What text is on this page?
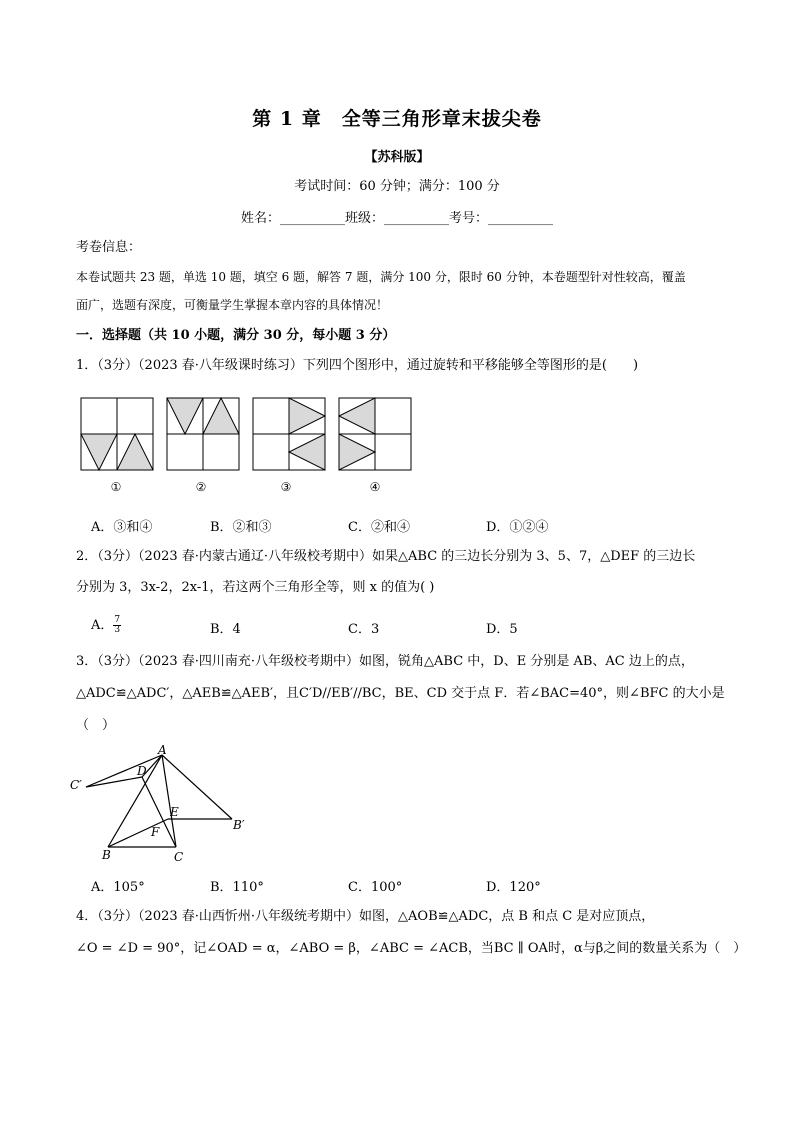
第 1 章　全等三角形章末拔尖卷
【苏科版】
考试时间：60 分钟；满分：100 分
姓名：__________班级：__________考号：__________
考卷信息：
本卷试题共 23 题，单选 10 题，填空 6 题，解答 7 题，满分 100 分，限时 60 分钟，本卷题型针对性较高，覆盖
面广，选题有深度，可衡量学生掌握本章内容的具体情况！
一．选择题（共 10 小题，满分 30 分，每小题 3 分）
1．（3分）（2023 春·八年级课时练习）下列四个图形中，通过旋转和平移能够全等图形的是(　　)
①	②	③	④
A．③和④	B．②和③	C．②和④	D．①②④
2．（3分）（2023 春·内蒙古通辽·八年级校考期中）如果△ABC 的三边长分别为 3、5、7，△DEF 的三边长
分别为 3，3x-2，2x-1，若这两个三角形全等，则 x 的值为( )
A． $\frac{7}{3}$	B．4	C．3	D．5
3．（3分）（2023 春·四川南充·八年级校考期中）如图，锐角△ABC 中，D、E 分别是 AB、AC 边上的点，
△ADC≌△ADC′，△AEB≌△AEB′，且C′D//EB′//BC，BE、CD 交于点 F．若∠BAC=40°，则∠BFC 的大小是
（　）
A
C′
D
E
B′
F
B	C
A．105°	B．110°	C．100°	D．120°
4．（3分）（2023 春·山西忻州·八年级统考期中）如图，△AOB≌△ADC，点 B 和点 C 是对应顶点，
∠O = ∠D = 90°，记∠OAD = α，∠ABO = β，∠ABC = ∠ACB，当BC ∥ OA时，α与β之间的数量关系为（　）
